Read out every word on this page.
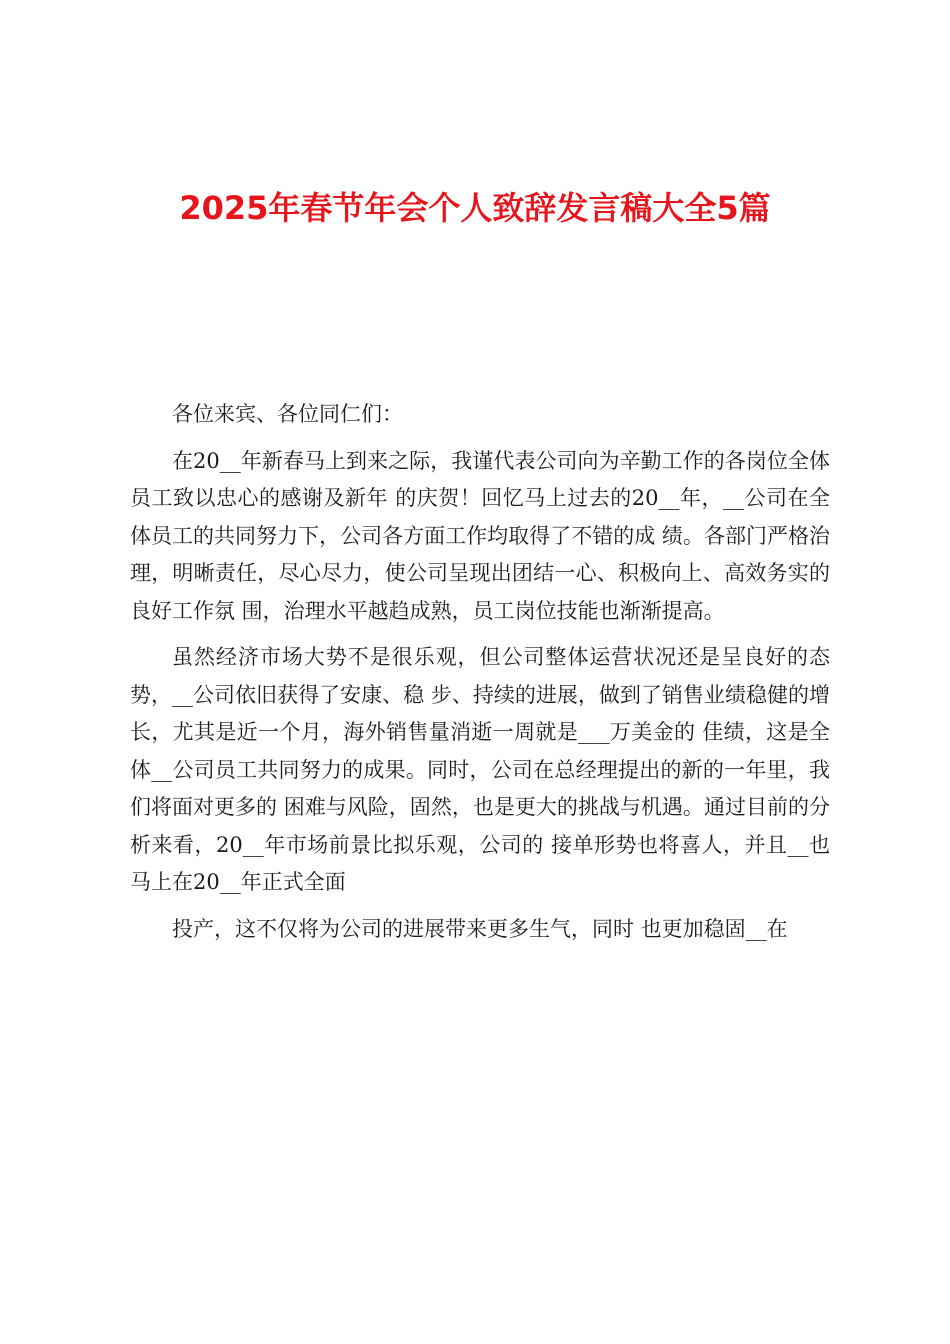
2025年春节年会个人致辞发言稿大全5篇

各位来宾、各位同仁们：

在20__年新春马上到来之际，我谨代表公司向为辛勤工作的各岗位全体员工致以忠心的感谢及新年 的庆贺！回忆马上过去的20__年，__公司在全体员工的共同努力下，公司各方面工作均取得了不错的成 绩。各部门严格治理，明晰责任，尽心尽力，使公司呈现出团结一心、积极向上、高效务实的良好工作氛 围，治理水平越趋成熟，员工岗位技能也渐渐提高。

虽然经济市场大势不是很乐观，但公司整体运营状况还是呈良好的态势，__公司依旧获得了安康、稳 步、持续的进展，做到了销售业绩稳健的增长，尤其是近一个月，海外销售量消逝一周就是___万美金的 佳绩，这是全体__公司员工共同努力的成果。同时，公司在总经理提出的新的一年里，我们将面对更多的 困难与风险，固然，也是更大的挑战与机遇。通过目前的分析来看，20__年市场前景比拟乐观，公司的 接单形势也将喜人，并且__也马上在20__年正式全面

投产，这不仅将为公司的进展带来更多生气，同时 也更加稳固__在
